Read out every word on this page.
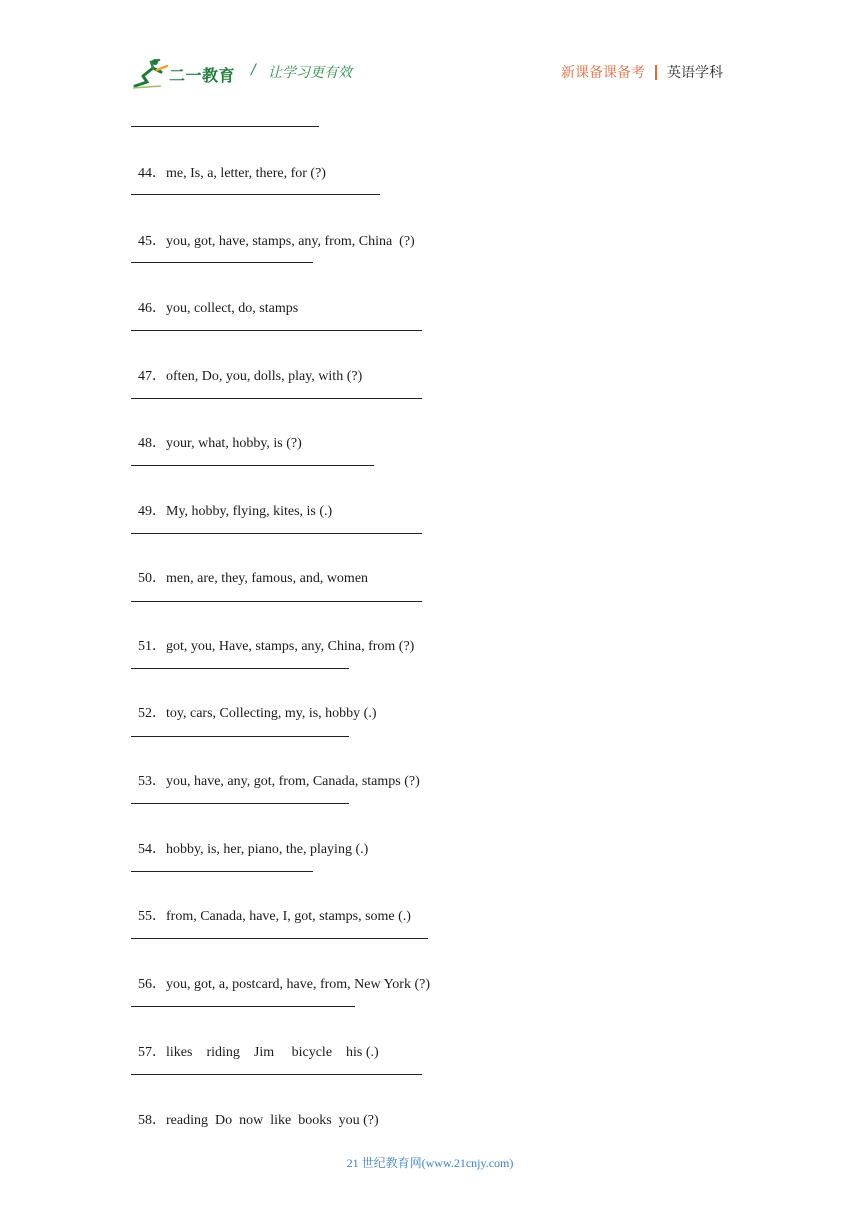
二一教育 / 让学习更有效	新课备课备考 英语学科

44．me, Is, a, letter, there, for (?)

45．you, got, have, stamps, any, from, China  (?)

46．you, collect, do, stamps

47．often, Do, you, dolls, play, with (?)

48．your, what, hobby, is (?)

49．My, hobby, flying, kites, is (.)

50．men, are, they, famous, and, women

51．got, you, Have, stamps, any, China, from (?)

52．toy, cars, Collecting, my, is, hobby (.)

53．you, have, any, got, from, Canada, stamps (?)

54．hobby, is, her, piano, the, playing (.)

55．from, Canada, have, I, got, stamps, some (.)

56．you, got, a, postcard, have, from, New York (?)

57．likes    riding    Jim     bicycle    his (.)

58．reading  Do  now  like  books  you (?)

21 世纪教育网(www.21cnjy.com)
